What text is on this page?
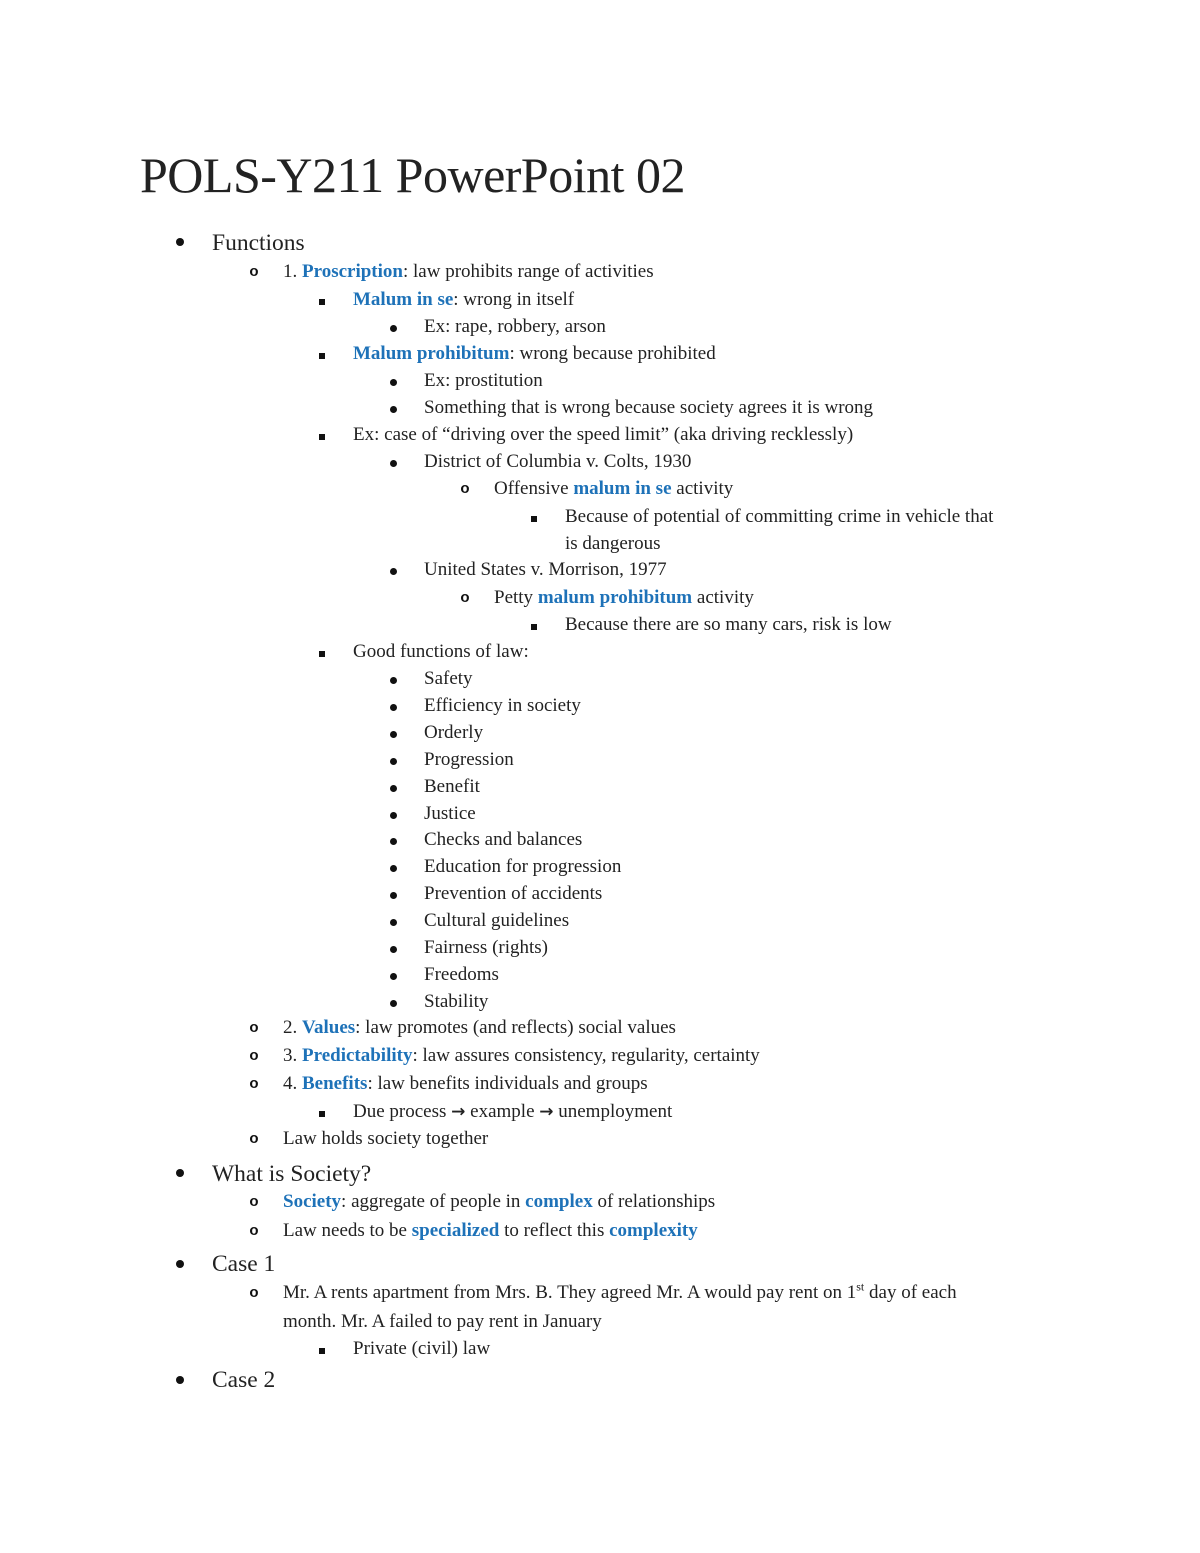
POLS-Y211 PowerPoint 02
Functions
o 1. Proscription: law prohibits range of activities
Malum in se: wrong in itself
Ex: rape, robbery, arson
Malum prohibitum: wrong because prohibited
Ex: prostitution
Something that is wrong because society agrees it is wrong
Ex: case of “driving over the speed limit” (aka driving recklessly)
District of Columbia v. Colts, 1930
o Offensive malum in se activity
Because of potential of committing crime in vehicle that
is dangerous
United States v. Morrison, 1977
o Petty malum prohibitum activity
Because there are so many cars, risk is low
Good functions of law:
Safety
Efficiency in society
Orderly
Progression
Benefit
Justice
Checks and balances
Education for progression
Prevention of accidents
Cultural guidelines
Fairness (rights)
Freedoms
Stability
o 2. Values: law promotes (and reflects) social values
o 3. Predictability: law assures consistency, regularity, certainty
o 4. Benefits: law benefits individuals and groups
Due process → example → unemployment
o Law holds society together
What is Society?
o Society: aggregate of people in complex of relationships
o Law needs to be specialized to reflect this complexity
Case 1
o Mr. A rents apartment from Mrs. B. They agreed Mr. A would pay rent on 1st day of each
month. Mr. A failed to pay rent in January
Private (civil) law
Case 2
